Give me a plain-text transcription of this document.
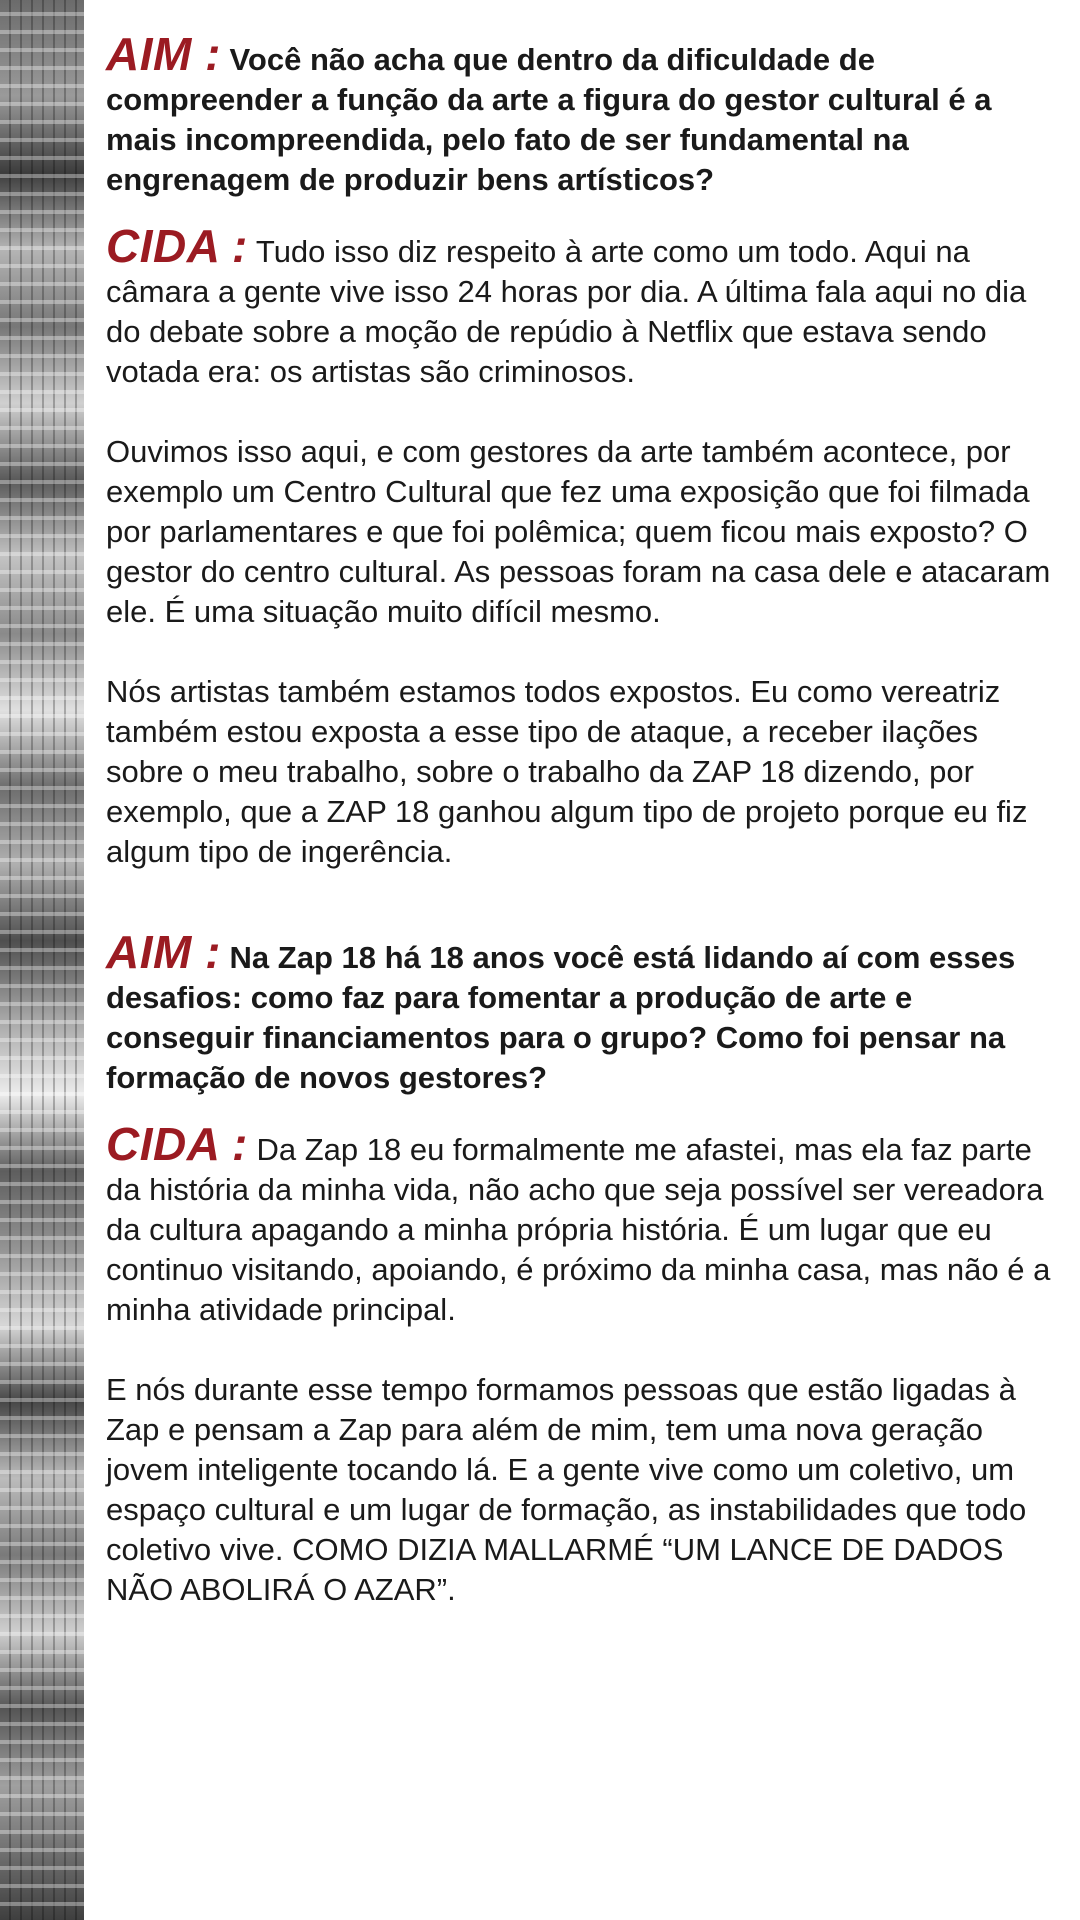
AIM : Você não acha que dentro da dificuldade de compreender a função da arte a figura do gestor cultural é a mais incompreendida, pelo fato de ser fundamental na engrenagem de produzir bens artísticos?

CIDA : Tudo isso diz respeito à arte como um todo. Aqui na câmara a gente vive isso 24 horas por dia. A última fala aqui no dia do debate sobre a moção de repúdio à Netflix que estava sendo votada era: os artistas são criminosos.

Ouvimos isso aqui, e com gestores da arte também acontece, por exemplo um Centro Cultural que fez uma exposição que foi filmada por parlamentares e que foi polêmica; quem ficou mais exposto? O gestor do centro cultural. As pessoas foram na casa dele e atacaram ele. É uma situação muito difícil mesmo.

Nós artistas também estamos todos expostos. Eu como vereatriz também estou exposta a esse tipo de ataque, a receber ilações sobre o meu trabalho, sobre o trabalho da ZAP 18 dizendo, por exemplo, que a ZAP 18 ganhou algum tipo de projeto porque eu fiz algum tipo de ingerência.

AIM : Na Zap 18 há 18 anos você está lidando aí com esses desafios: como faz para fomentar a produção de arte e conseguir financiamentos para o grupo? Como foi pensar na formação de novos gestores?

CIDA : Da Zap 18 eu formalmente me afastei, mas ela faz parte da história da minha vida, não acho que seja possível ser vereadora da cultura apagando a minha própria história. É um lugar que eu continuo visitando, apoiando, é próximo da minha casa, mas não é a minha atividade principal.

E nós durante esse tempo formamos pessoas que estão ligadas à Zap e pensam a Zap para além de mim, tem uma nova geração jovem inteligente tocando lá. E a gente vive como um coletivo, um espaço cultural e um lugar de formação, as instabilidades que todo coletivo vive. COMO DIZIA MALLARMÉ “UM LANCE DE DADOS NÃO ABOLIRÁ O AZAR”.
